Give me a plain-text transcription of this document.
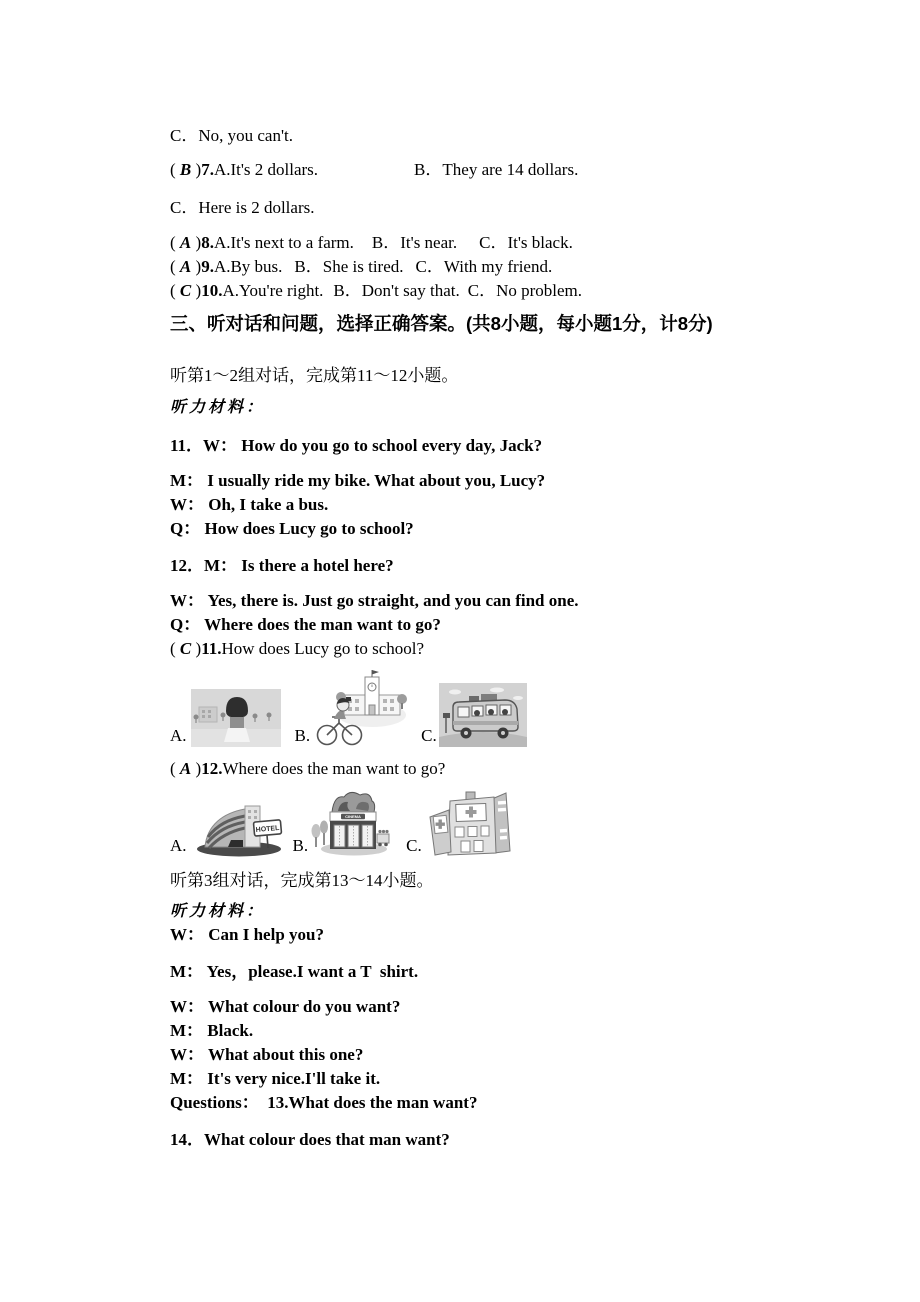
C．No, you can't.
( B )7.A.It's 2 dollars.	B．They are 14 dollars.
C．Here is 2 dollars.
( A )8.A.It's next to a farm. B．It's near. C．It's black.
( A )9.A.By bus. B．She is tired. C．With my friend.
( C )10.A.You're right. B．Don't say that. C．No problem.
三、听对话和问题，选择正确答案。(共8小题，每小题1分，计8分)
听第1～2组对话，完成第11～12小题。
听力材料：
11．W： How do you go to school every day, Jack?
M： I usually ride my bike. What about you, Lucy?
W： Oh, I take a bus.
Q： How does Lucy go to school?
12．M： Is there a hotel here?
W： Yes, there is. Just go straight, and you can find one.
Q： Where does the man want to go?
( C )11.How does Lucy go to school?
A.	B.	C.
( A )12.Where does the man want to go?
A.
HOTEL
B.
CINEMA
C.
听第3组对话，完成第13～14小题。
听力材料：
W： Can I help you?
M： Yes，please.I want a T  shirt.
W： What colour do you want?
M： Black.
W： What about this one?
M： It's very nice.I'll take it.
Questions：  13.What does the man want?
14．What colour does that man want?
